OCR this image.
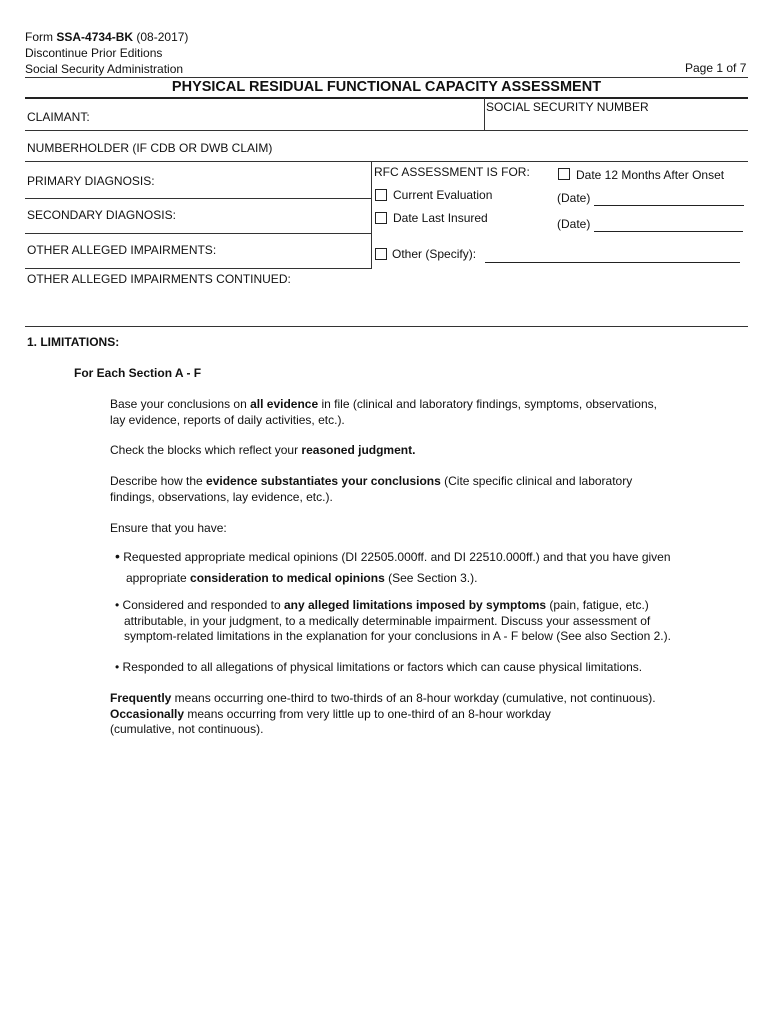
Form SSA-4734-BK (08-2017)
Discontinue Prior Editions
Social Security Administration	Page 1 of 7
PHYSICAL RESIDUAL FUNCTIONAL CAPACITY ASSESSMENT
CLAIMANT:
SOCIAL SECURITY NUMBER
NUMBERHOLDER (IF CDB OR DWB CLAIM)
PRIMARY DIAGNOSIS:
SECONDARY DIAGNOSIS:
OTHER ALLEGED IMPAIRMENTS:
RFC ASSESSMENT IS FOR:	Date 12 Months After Onset
Current Evaluation	(Date)
Date Last Insured	(Date)
Other (Specify):
OTHER ALLEGED IMPAIRMENTS CONTINUED:
1. LIMITATIONS:
For Each Section A - F
Base your conclusions on all evidence in file (clinical and laboratory findings, symptoms, observations,
lay evidence, reports of daily activities, etc.).
Check the blocks which reflect your reasoned judgment.
Describe how the evidence substantiates your conclusions (Cite specific clinical and laboratory
findings, observations, lay evidence, etc.).
Ensure that you have:
• Requested appropriate medical opinions (DI 22505.000ff. and DI 22510.000ff.) and that you have given
appropriate consideration to medical opinions (See Section 3.).
• Considered and responded to any alleged limitations imposed by symptoms (pain, fatigue, etc.)
attributable, in your judgment, to a medically determinable impairment. Discuss your assessment of
symptom-related limitations in the explanation for your conclusions in A - F below (See also Section 2.).
• Responded to all allegations of physical limitations or factors which can cause physical limitations.
Frequently means occurring one-third to two-thirds of an 8-hour workday (cumulative, not continuous).
Occasionally means occurring from very little up to one-third of an 8-hour workday
(cumulative, not continuous).
